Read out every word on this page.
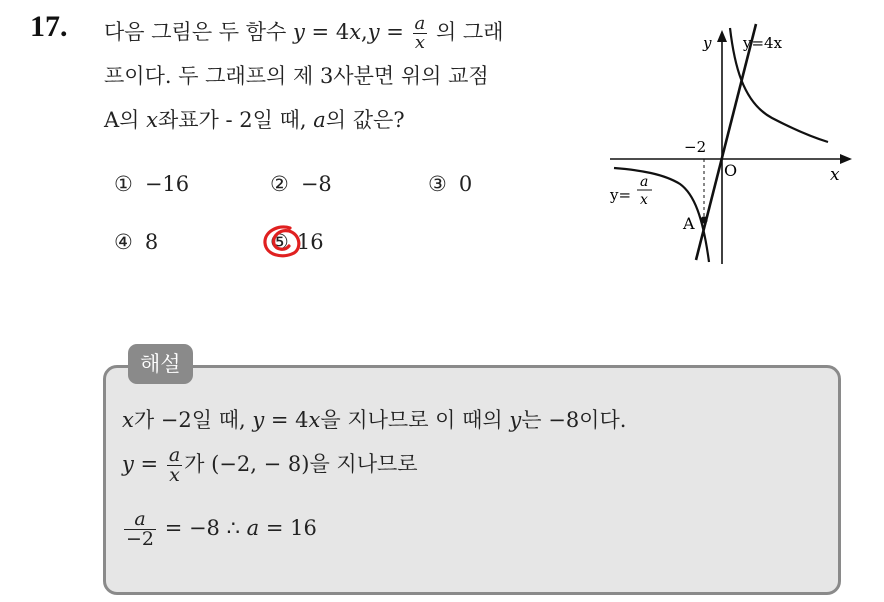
17. 다음 그림은 두 함수 $y = 4x,y = \frac{a}{x}$ 의 그래
프이다. 두 그래프의 제 3사분면 위의 교점
A의 x좌표가 - 2일 때, a의 값은?
① −16	② −8	③ 0
④ 8	⑤ 16
y y=4x
x
O
−2
A
y=
a
x
해설
x가 −2일 때, y = 4x을 지나므로 이 때의 y는 −8이다.
$y = \frac{a}{x}$ 가 (−2, − 8)을 지나므로
$\frac{a}{-2} = -8$ ∴ a = 16
